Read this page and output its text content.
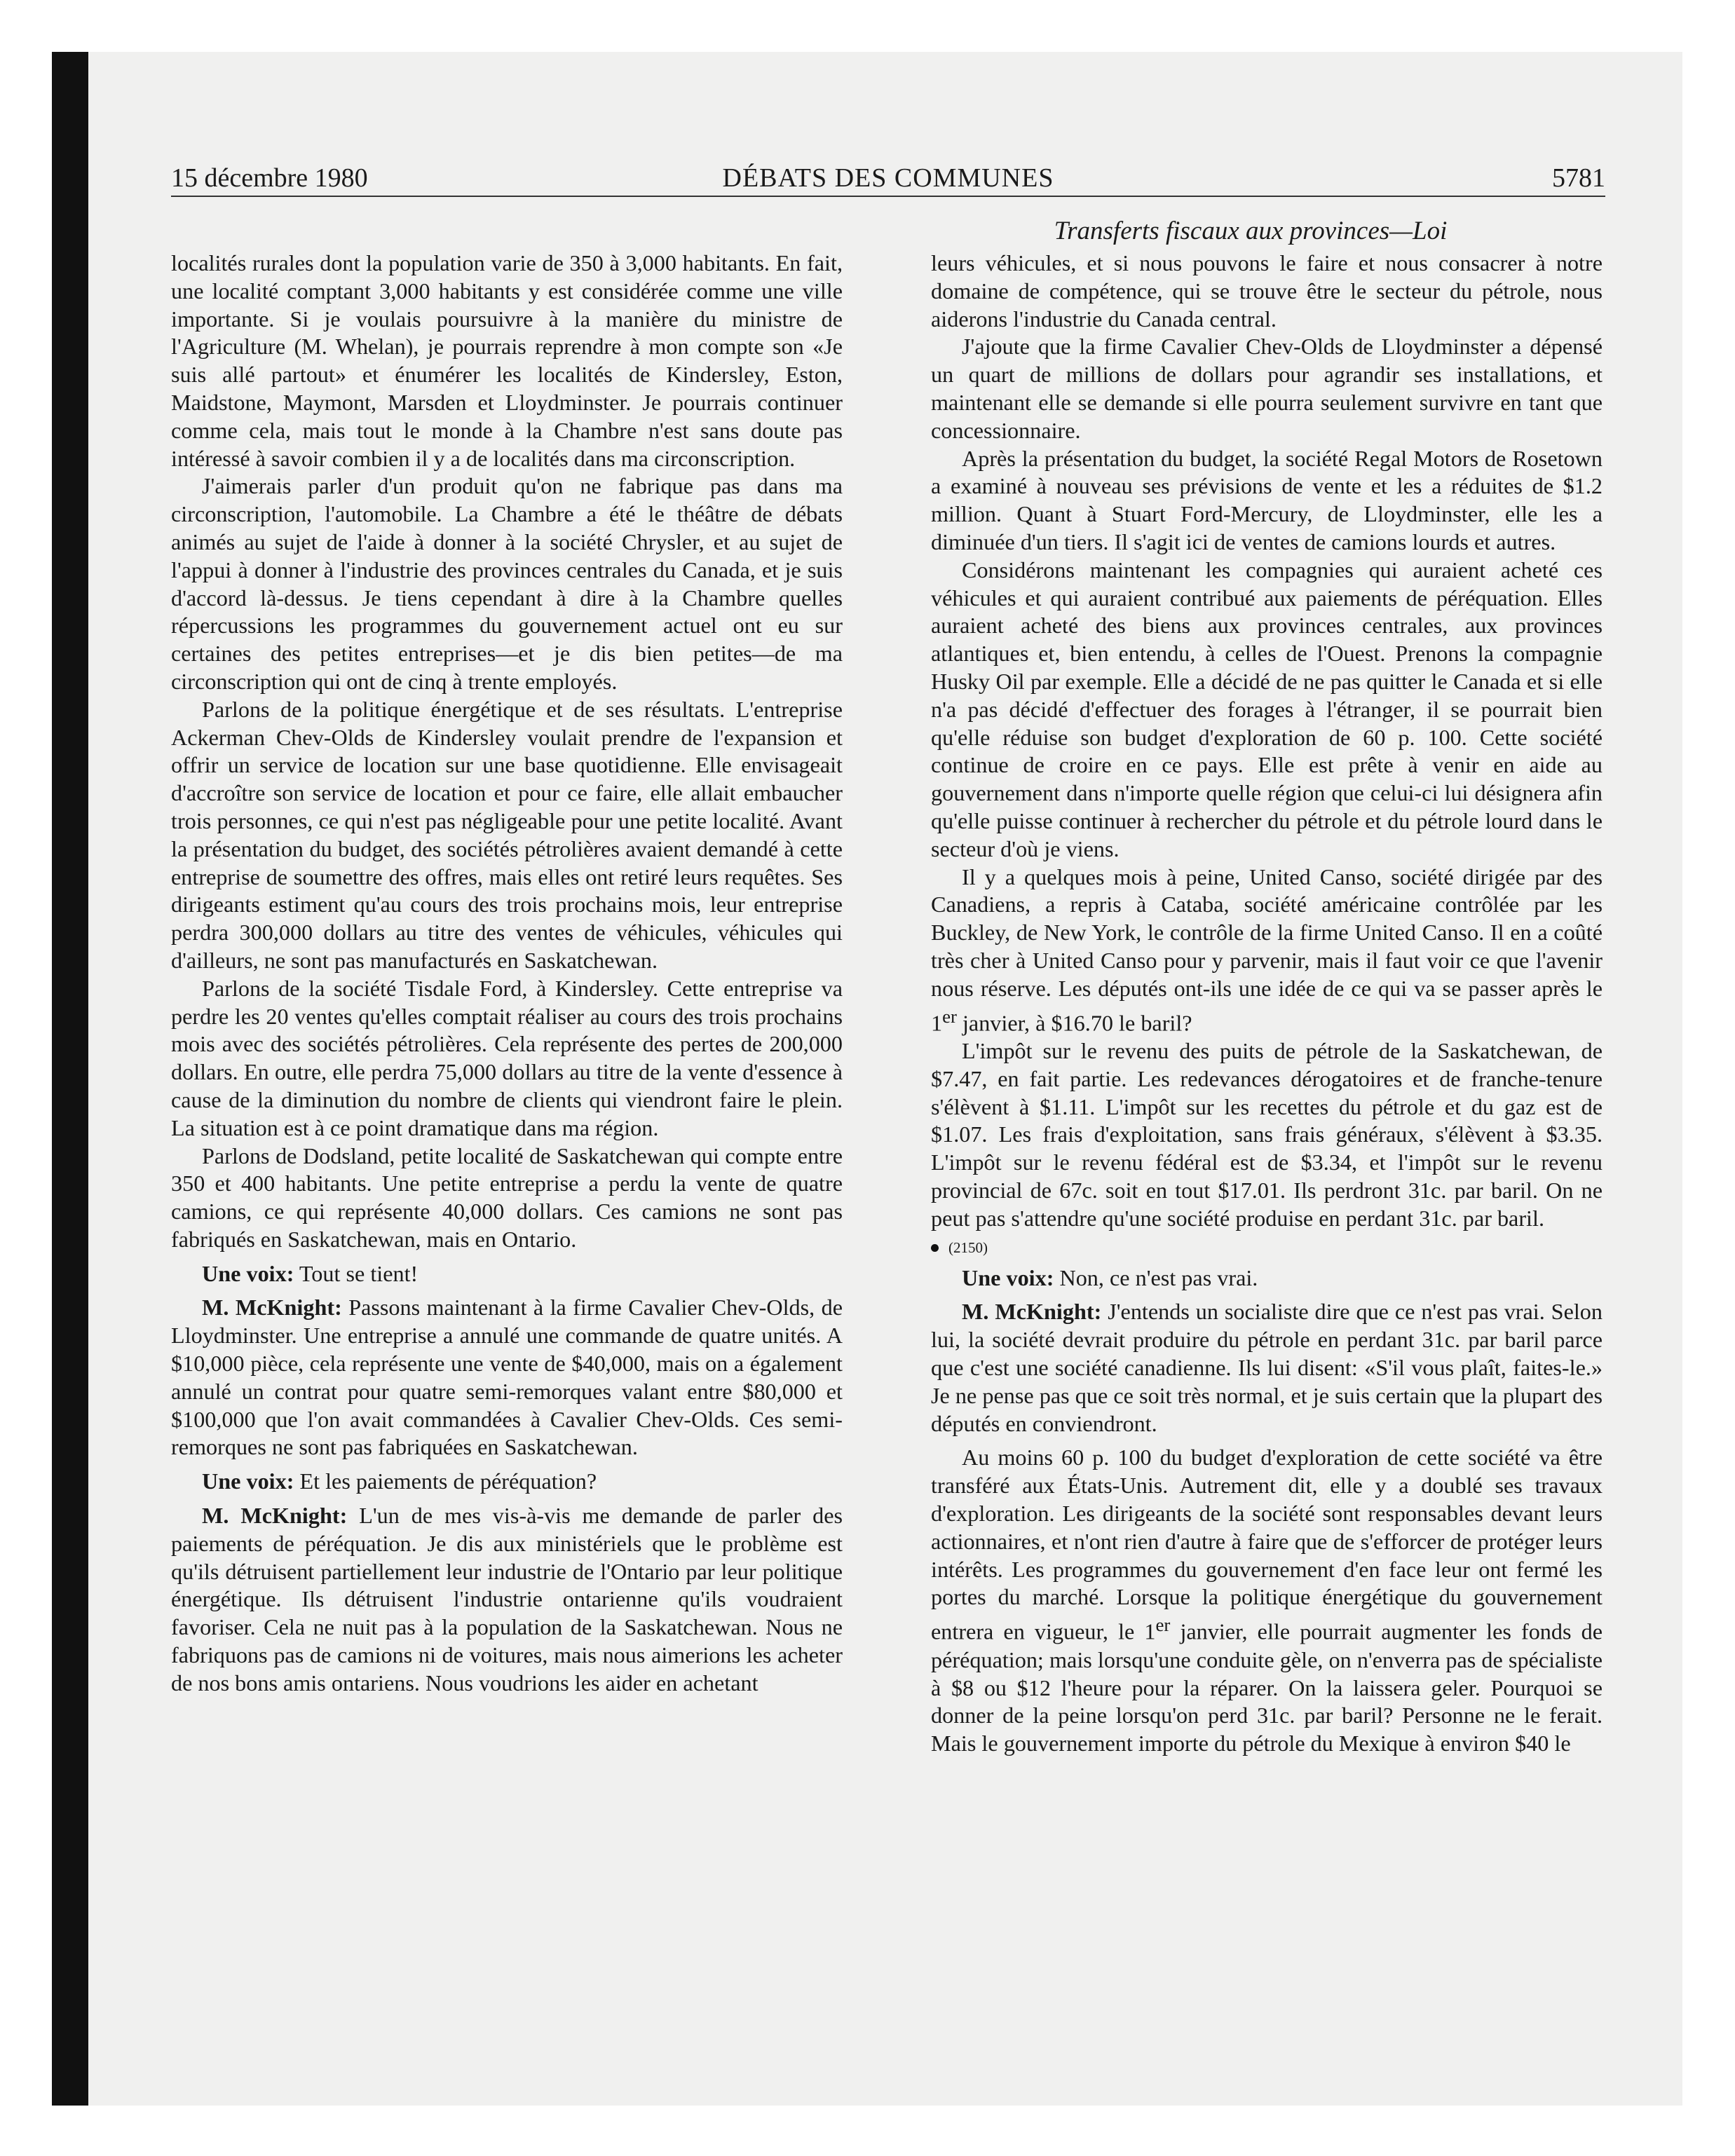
15 décembre 1980	DÉBATS DES COMMUNES	5781
Transferts fiscaux aux provinces—Loi

localités rurales dont la population varie de 350 à 3,000 habitants. En fait, une localité comptant 3,000 habitants y est considérée comme une ville importante. Si je voulais poursuivre à la manière du ministre de l'Agriculture (M. Whelan), je pourrais reprendre à mon compte son «Je suis allé partout» et énumérer les localités de Kindersley, Eston, Maidstone, Maymont, Marsden et Lloydminster. Je pourrais continuer comme cela, mais tout le monde à la Chambre n'est sans doute pas intéressé à savoir combien il y a de localités dans ma circonscription.

J'aimerais parler d'un produit qu'on ne fabrique pas dans ma circonscription, l'automobile. La Chambre a été le théâtre de débats animés au sujet de l'aide à donner à la société Chrysler, et au sujet de l'appui à donner à l'industrie des provinces centrales du Canada, et je suis d'accord là-dessus. Je tiens cependant à dire à la Chambre quelles répercussions les programmes du gouvernement actuel ont eu sur certaines des petites entreprises—et je dis bien petites—de ma circonscription qui ont de cinq à trente employés.

Parlons de la politique énergétique et de ses résultats. L'entreprise Ackerman Chev-Olds de Kindersley voulait prendre de l'expansion et offrir un service de location sur une base quotidienne. Elle envisageait d'accroître son service de location et pour ce faire, elle allait embaucher trois personnes, ce qui n'est pas négligeable pour une petite localité. Avant la présentation du budget, des sociétés pétrolières avaient demandé à cette entreprise de soumettre des offres, mais elles ont retiré leurs requêtes. Ses dirigeants estiment qu'au cours des trois prochains mois, leur entreprise perdra 300,000 dollars au titre des ventes de véhicules, véhicules qui d'ailleurs, ne sont pas manufacturés en Saskatchewan.

Parlons de la société Tisdale Ford, à Kindersley. Cette entreprise va perdre les 20 ventes qu'elles comptait réaliser au cours des trois prochains mois avec des sociétés pétrolières. Cela représente des pertes de 200,000 dollars. En outre, elle perdra 75,000 dollars au titre de la vente d'essence à cause de la diminution du nombre de clients qui viendront faire le plein. La situation est à ce point dramatique dans ma région.

Parlons de Dodsland, petite localité de Saskatchewan qui compte entre 350 et 400 habitants. Une petite entreprise a perdu la vente de quatre camions, ce qui représente 40,000 dollars. Ces camions ne sont pas fabriqués en Saskatchewan, mais en Ontario.

Une voix: Tout se tient!

M. McKnight: Passons maintenant à la firme Cavalier Chev-Olds, de Lloydminster. Une entreprise a annulé une commande de quatre unités. A $10,000 pièce, cela représente une vente de $40,000, mais on a également annulé un contrat pour quatre semi-remorques valant entre $80,000 et $100,000 que l'on avait commandées à Cavalier Chev-Olds. Ces semi-remorques ne sont pas fabriquées en Saskatchewan.

Une voix: Et les paiements de péréquation?

M. McKnight: L'un de mes vis-à-vis me demande de parler des paiements de péréquation. Je dis aux ministériels que le problème est qu'ils détruisent partiellement leur industrie de l'Ontario par leur politique énergétique. Ils détruisent l'industrie ontarienne qu'ils voudraient favoriser. Cela ne nuit pas à la population de la Saskatchewan. Nous ne fabriquons pas de camions ni de voitures, mais nous aimerions les acheter de nos bons amis ontariens. Nous voudrions les aider en achetant

leurs véhicules, et si nous pouvons le faire et nous consacrer à notre domaine de compétence, qui se trouve être le secteur du pétrole, nous aiderons l'industrie du Canada central.

J'ajoute que la firme Cavalier Chev-Olds de Lloydminster a dépensé un quart de millions de dollars pour agrandir ses installations, et maintenant elle se demande si elle pourra seulement survivre en tant que concessionnaire.

Après la présentation du budget, la société Regal Motors de Rosetown a examiné à nouveau ses prévisions de vente et les a réduites de $1.2 million. Quant à Stuart Ford-Mercury, de Lloydminster, elle les a diminuée d'un tiers. Il s'agit ici de ventes de camions lourds et autres.

Considérons maintenant les compagnies qui auraient acheté ces véhicules et qui auraient contribué aux paiements de péréquation. Elles auraient acheté des biens aux provinces centrales, aux provinces atlantiques et, bien entendu, à celles de l'Ouest. Prenons la compagnie Husky Oil par exemple. Elle a décidé de ne pas quitter le Canada et si elle n'a pas décidé d'effectuer des forages à l'étranger, il se pourrait bien qu'elle réduise son budget d'exploration de 60 p. 100. Cette société continue de croire en ce pays. Elle est prête à venir en aide au gouvernement dans n'importe quelle région que celui-ci lui désignera afin qu'elle puisse continuer à rechercher du pétrole et du pétrole lourd dans le secteur d'où je viens.

Il y a quelques mois à peine, United Canso, société dirigée par des Canadiens, a repris à Cataba, société américaine contrôlée par les Buckley, de New York, le contrôle de la firme United Canso. Il en a coûté très cher à United Canso pour y parvenir, mais il faut voir ce que l'avenir nous réserve. Les députés ont-ils une idée de ce qui va se passer après le 1er janvier, à $16.70 le baril?

L'impôt sur le revenu des puits de pétrole de la Saskatchewan, de $7.47, en fait partie. Les redevances dérogatoires et de franche-tenure s'élèvent à $1.11. L'impôt sur les recettes du pétrole et du gaz est de $1.07. Les frais d'exploitation, sans frais généraux, s'élèvent à $3.35. L'impôt sur le revenu fédéral est de $3.34, et l'impôt sur le revenu provincial de 67c. soit en tout $17.01. Ils perdront 31c. par baril. On ne peut pas s'attendre qu'une société produise en perdant 31c. par baril.

(2150)

Une voix: Non, ce n'est pas vrai.

M. McKnight: J'entends un socialiste dire que ce n'est pas vrai. Selon lui, la société devrait produire du pétrole en perdant 31c. par baril parce que c'est une société canadienne. Ils lui disent: «S'il vous plaît, faites-le.» Je ne pense pas que ce soit très normal, et je suis certain que la plupart des députés en conviendront.

Au moins 60 p. 100 du budget d'exploration de cette société va être transféré aux États-Unis. Autrement dit, elle y a doublé ses travaux d'exploration. Les dirigeants de la société sont responsables devant leurs actionnaires, et n'ont rien d'autre à faire que de s'efforcer de protéger leurs intérêts. Les programmes du gouvernement d'en face leur ont fermé les portes du marché. Lorsque la politique énergétique du gouvernement entrera en vigueur, le 1er janvier, elle pourrait augmenter les fonds de péréquation; mais lorsqu'une conduite gèle, on n'enverra pas de spécialiste à $8 ou $12 l'heure pour la réparer. On la laissera geler. Pourquoi se donner de la peine lorsqu'on perd 31c. par baril? Personne ne le ferait. Mais le gouvernement importe du pétrole du Mexique à environ $40 le
